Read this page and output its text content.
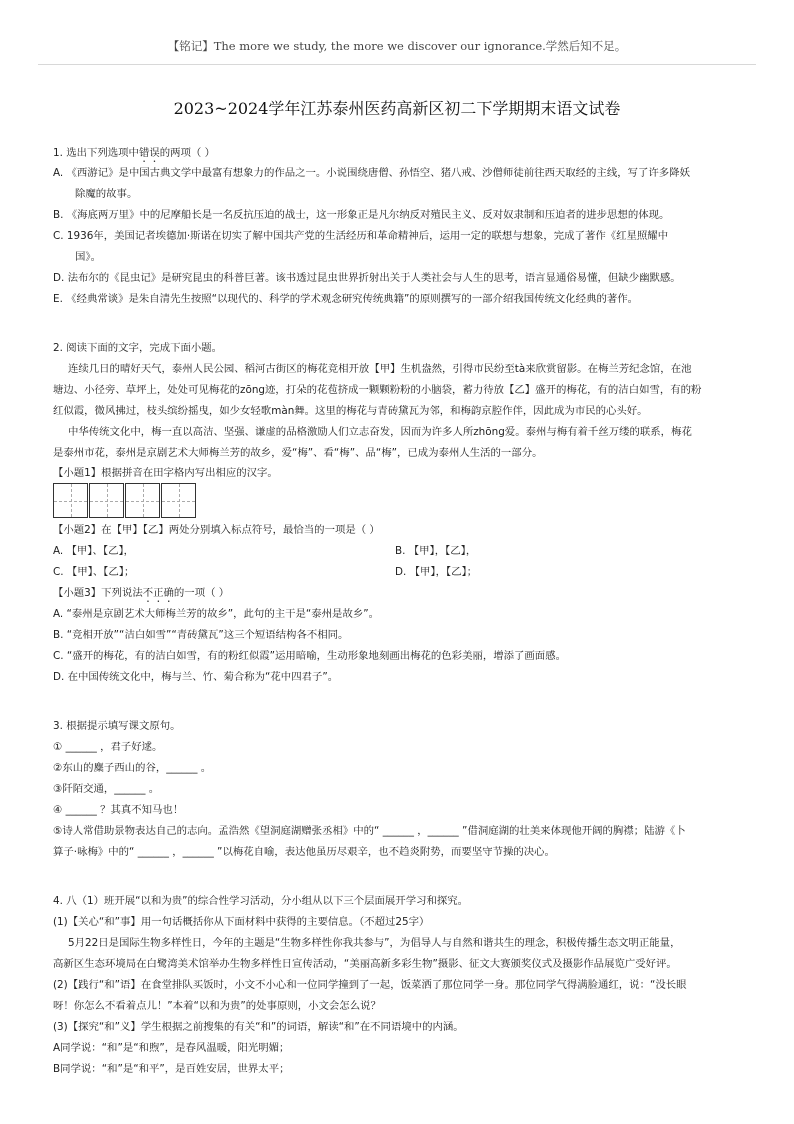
【铭记】The more we study, the more we discover our ignorance.学然后知不足。
2023~2024学年江苏泰州医药高新区初二下学期期末语文试卷
1. 选出下列选项中错误的两项（ ）
A. 《西游记》是中国古典文学中最富有想象力的作品之一。小说围绕唐僧、孙悟空、猪八戒、沙僧师徒前往西天取经的主线，写了许多降妖
除魔的故事。
B. 《海底两万里》中的尼摩船长是一名反抗压迫的战士，这一形象正是凡尔纳反对殖民主义、反对奴隶制和压迫者的进步思想的体现。
C. 1936年，美国记者埃德加·斯诺在切实了解中国共产党的生活经历和革命精神后，运用一定的联想与想象，完成了著作《红星照耀中
国》。
D. 法布尔的《昆虫记》是研究昆虫的科普巨著。该书透过昆虫世界折射出关于人类社会与人生的思考，语言显通俗易懂，但缺少幽默感。
E. 《经典常谈》是朱自清先生按照“以现代的、科学的学术观念研究传统典籍”的原则撰写的一部介绍我国传统文化经典的著作。
2. 阅读下面的文字，完成下面小题。
连续几日的晴好天气，泰州人民公园、稻河古街区的梅花竞相开放【甲】生机盎然，引得市民纷至tà来欣赏留影。在梅兰芳纪念馆，在池
塘边、小径旁、草坪上，处处可见梅花的zōng迹，打朵的花苞挤成一颗颗粉粉的小脑袋，蓄力待放【乙】盛开的梅花，有的洁白如雪，有的粉
红似霞，微风拂过，枝头缤纷摇曳，如少女轻歌màn舞。这里的梅花与青砖黛瓦为邻，和梅韵京腔作伴，因此成为市民的心头好。
中华传统文化中，梅一直以高洁、坚强、谦虚的品格激励人们立志奋发，因而为许多人所zhōng爱。泰州与梅有着千丝万缕的联系，梅花
是泰州市花，泰州是京剧艺术大师梅兰芳的故乡，爱“梅”、看“梅”、品“梅”，已成为泰州人生活的一部分。
【小题1】根据拼音在田字格内写出相应的汉字。
【小题2】在【甲】【乙】两处分别填入标点符号，最恰当的一项是（ ）
A. 【甲】、【乙】，	B. 【甲】，【乙】，
C. 【甲】、【乙】；	D. 【甲】，【乙】；
【小题3】下列说法不正确的一项（ ）
A. “泰州是京剧艺术大师梅兰芳的故乡”，此句的主干是“泰州是故乡”。
B. “竞相开放”“洁白如雪”“青砖黛瓦”这三个短语结构各不相同。
C. “盛开的梅花，有的洁白如雪，有的粉红似霞”运用暗喻，生动形象地刻画出梅花的色彩美丽，增添了画面感。
D. 在中国传统文化中，梅与兰、竹、菊合称为“花中四君子”。
3. 根据提示填写课文原句。
① ______ ，君子好逑。
②东山的麋子西山的谷，______ 。
③阡陌交通，______ 。
④ ______ ？其真不知马也！
⑤诗人常借助景物表达自己的志向。孟浩然《望洞庭湖赠张丞相》中的“ ______ ，______ ”借洞庭湖的壮美来体现他开阔的胸襟；陆游《卜
算子·咏梅》中的“ ______ ，______ ”以梅花自喻，表达他虽历尽艰辛，也不趋炎附势，而要坚守节操的决心。
4. 八（1）班开展“以和为贵”的综合性学习活动，分小组从以下三个层面展开学习和探究。
(1)【关心“和”事】用一句话概括你从下面材料中获得的主要信息。（不超过25字）
5月22日是国际生物多样性日，今年的主题是“生物多样性你我共参与”，为倡导人与自然和谐共生的理念，积极传播生态文明正能量，
高新区生态环境局在白鹭湾美术馆举办生物多样性日宣传活动，“美丽高新多彩生物”摄影、征文大赛颁奖仪式及摄影作品展览广受好评。
(2)【践行“和”语】在食堂排队买饭时，小文不小心和一位同学撞到了一起，饭菜洒了那位同学一身。那位同学气得满脸通红，说：“没长眼
呀！你怎么不看着点儿！”本着“以和为贵”的处事原则，小文会怎么说？
(3)【探究“和”义】学生根据之前搜集的有关“和”的词语，解读“和”在不同语境中的内涵。
A同学说：“和”是“和煦”，是春风温暖，阳光明媚；
B同学说：“和”是“和平”，是百姓安居，世界太平；
